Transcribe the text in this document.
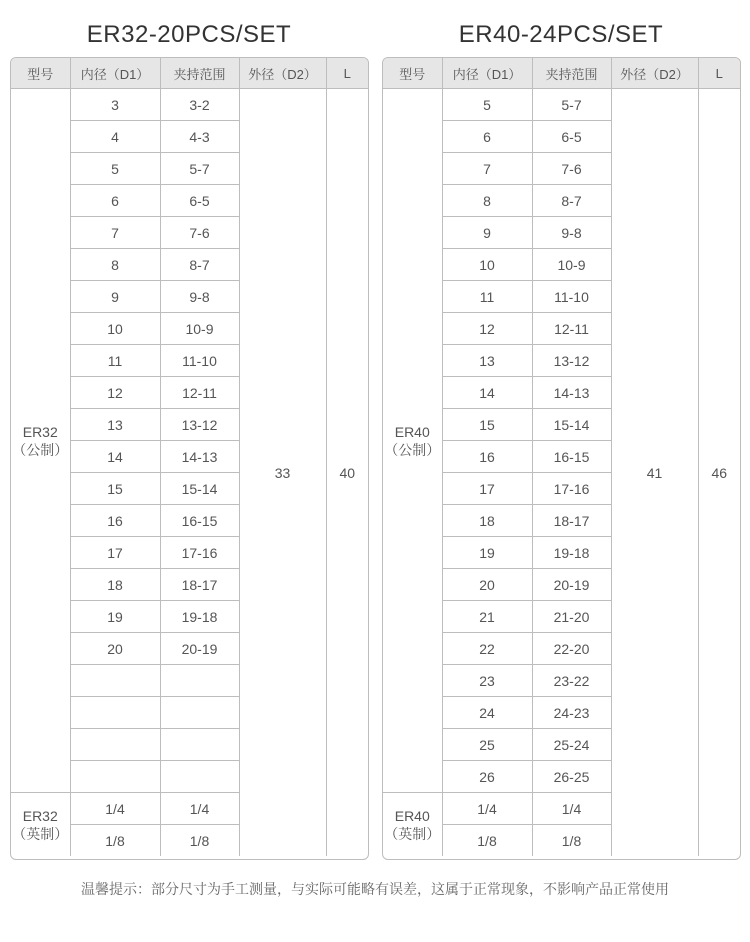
ER32-20PCS/SET	ER40-24PCS/SET
型号	内径（D1）	夹持范围	外径（D2）	L

ER32
（公制）	3	3-2	33	40
	4	4-3		
	5	5-7		
	6	6-5		
	7	7-6		
	8	8-7		
	9	9-8		
	10	10-9		
	11	11-10		
	12	12-11		
	13	13-12		
	14	14-13		
	15	15-14		
	16	16-15		
	17	17-16		
	18	18-17		
	19	19-18		
	20	20-19		

ER32
（英制）	1/4	1/4		
	1/8	1/8		
型号	内径（D1）	夹持范围	外径（D2）	L

ER40
（公制）	5	5-7	41	46
	6	6-5		
	7	7-6		
	8	8-7		
	9	9-8		
	10	10-9		
	11	11-10		
	12	12-11		
	13	13-12		
	14	14-13		
	15	15-14		
	16	16-15		
	17	17-16		
	18	18-17		
	19	19-18		
	20	20-19		
	21	21-20		
	22	22-20		
	23	23-22		
	24	24-23		
	25	25-24		
	26	26-25		

ER40
（英制）	1/4	1/4		
	1/8	1/8		
温馨提示：部分尺寸为手工测量，与实际可能略有误差，这属于正常现象，不影响产品正常使用
